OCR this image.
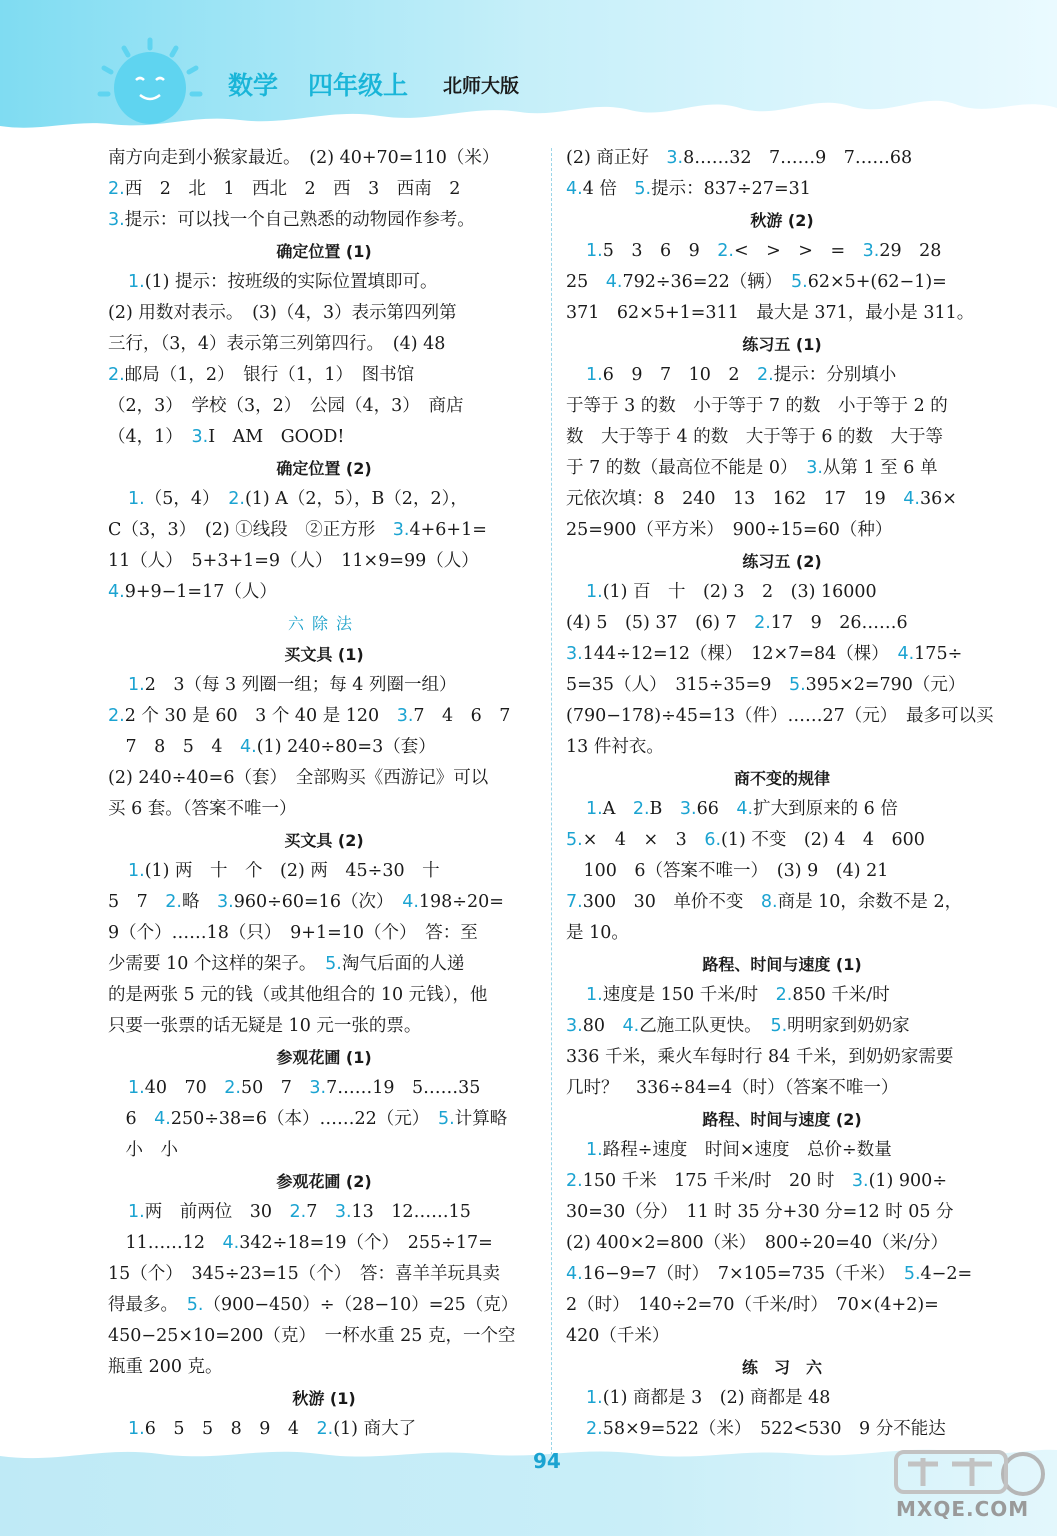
数学 四年级上 北师大版
南方向走到小猴家最近。　(2) 40+70=110（米）
2.西　2　北　1　西北　2　西　3　西南　2
3.提示：可以找一个自己熟悉的动物园作参考。
确定位置 (1)
1.(1) 提示：按班级的实际位置填即可。
(2) 用数对表示。　(3)（4，3）表示第四列第
三行，（3，4）表示第三列第四行。　(4) 48
2.邮局（1，2）　银行（1，1）　图书馆
（2，3）　学校（3，2）　公园（4，3）　商店
（4，1）　3.I　AM　GOOD!
确定位置 (2)
1.（5，4）　2.(1) A（2，5），B（2，2），
C（3，3）　(2) ①线段　②正方形　3.4+6+1=
11（人）　5+3+1=9（人）　11×9=99（人）
4.9+9−1=17（人）
六除法
买文具 (1)
1.2　3（每 3 列圈一组；每 4 列圈一组）
2.2 个 30 是 60　3 个 40 是 120　3.7　4　6　7
　7　8　5　4　4.(1) 240÷80=3（套）
(2) 240÷40=6（套）　全部购买《西游记》可以
买 6 套。（答案不唯一）
买文具 (2)
1.(1) 两　十　个　(2) 两　45÷30　十
5　7　2.略　3.960÷60=16（次）　4.198÷20=
9（个）……18（只）　9+1=10（个）　答：至
少需要 10 个这样的架子。　5.淘气后面的人递
的是两张 5 元的钱（或其他组合的 10 元钱），他
只要一张票的话无疑是 10 元一张的票。
参观花圃 (1)
1.40　70　2.50　7　3.7……19　5……35
　6　4.250÷38=6（本）……22（元）　5.计算略
　小　小
参观花圃 (2)
1.两　前两位　30　2.7　3.13　12……15
　11……12　4.342÷18=19（个）　255÷17=
15（个）　345÷23=15（个）　答：喜羊羊玩具卖
得最多。　5.（900−450）÷（28−10）=25（克）
450−25×10=200（克）　一杯水重 25 克，一个空
瓶重 200 克。
秋游 (1)
1.6　5　5　8　9　4　2.(1) 商大了
(2) 商正好　3.8……32　7……9　7……68
4.4 倍　5.提示：837÷27=31
秋游 (2)
1.5　3　6　9　2.<　>　>　=　3.29　28
25　4.792÷36=22（辆）　5.62×5+(62−1)=
371　62×5+1=311　最大是 371，最小是 311。
练习五 (1)
1.6　9　7　10　2　2.提示：分别填小
于等于 3 的数　小于等于 7 的数　小于等于 2 的
数　大于等于 4 的数　大于等于 6 的数　大于等
于 7 的数（最高位不能是 0）　3.从第 1 至 6 单
元依次填：8　240　13　162　17　19　4.36×
25=900（平方米）　900÷15=60（种）
练习五 (2)
1.(1) 百　十　(2) 3　2　(3) 16000
(4) 5　(5) 37　(6) 7　2.17　9　26……6
3.144÷12=12（棵）　12×7=84（棵）　4.175÷
5=35（人）　315÷35=9　5.395×2=790（元）
(790−178)÷45=13（件）……27（元）　最多可以买
13 件衬衣。
商不变的规律
1.A　2.B　3.66　4.扩大到原来的 6 倍
5.×　4　×　3　6.(1) 不变　(2) 4　4　600
　100　6（答案不唯一）　(3) 9　(4) 21
7.300　30　单价不变　8.商是 10，余数不是 2，
是 10。
路程、时间与速度 (1)
1.速度是 150 千米/时　2.850 千米/时
3.80　4.乙施工队更快。　5.明明家到奶奶家
336 千米，乘火车每时行 84 千米，到奶奶家需要
几时？　336÷84=4（时）（答案不唯一）
路程、时间与速度 (2)
1.路程÷速度　时间×速度　总价÷数量
2.150 千米　175 千米/时　20 时　3.(1) 900÷
30=30（分）　11 时 35 分+30 分=12 时 05 分
(2) 400×2=800（米）　800÷20=40（米/分）
4.16−9=7（时）　7×105=735（千米）　5.4−2=
2（时）　140÷2=70（千米/时）　70×(4+2)=
420（千米）
练　习　六
1.(1) 商都是 3　(2) 商都是 48
2.58×9=522（米）　522<530　9 分不能达
94
MXQE.COM
